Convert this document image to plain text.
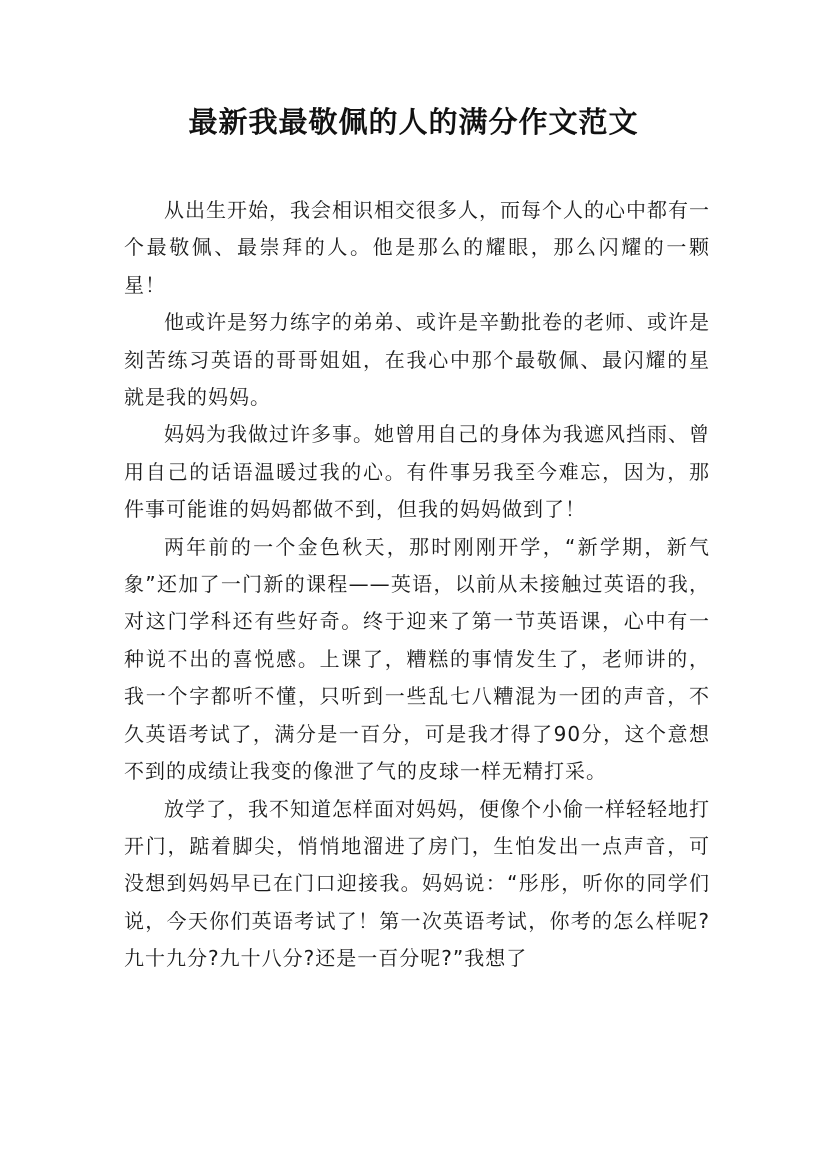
最新我最敬佩的人的满分作文范文

从出生开始，我会相识相交很多人，而每个人的心中都有一个最敬佩、最崇拜的人。他是那么的耀眼，那么闪耀的一颗星！

他或许是努力练字的弟弟、或许是辛勤批卷的老师、或许是刻苦练习英语的哥哥姐姐，在我心中那个最敬佩、最闪耀的星就是我的妈妈。

妈妈为我做过许多事。她曾用自己的身体为我遮风挡雨、曾用自己的话语温暖过我的心。有件事另我至今难忘，因为，那件事可能谁的妈妈都做不到，但我的妈妈做到了！

两年前的一个金色秋天，那时刚刚开学，“新学期，新气象”还加了一门新的课程——英语，以前从未接触过英语的我，对这门学科还有些好奇。终于迎来了第一节英语课，心中有一种说不出的喜悦感。上课了，糟糕的事情发生了，老师讲的，我一个字都听不懂，只听到一些乱七八糟混为一团的声音，不久英语考试了，满分是一百分，可是我才得了90分，这个意想不到的成绩让我变的像泄了气的皮球一样无精打采。

放学了，我不知道怎样面对妈妈，便像个小偷一样轻轻地打开门，踮着脚尖，悄悄地溜进了房门，生怕发出一点声音，可没想到妈妈早已在门口迎接我。妈妈说：“彤彤，听你的同学们说，今天你们英语考试了！第一次英语考试，你考的怎么样呢?九十九分?九十八分?还是一百分呢?”我想了
